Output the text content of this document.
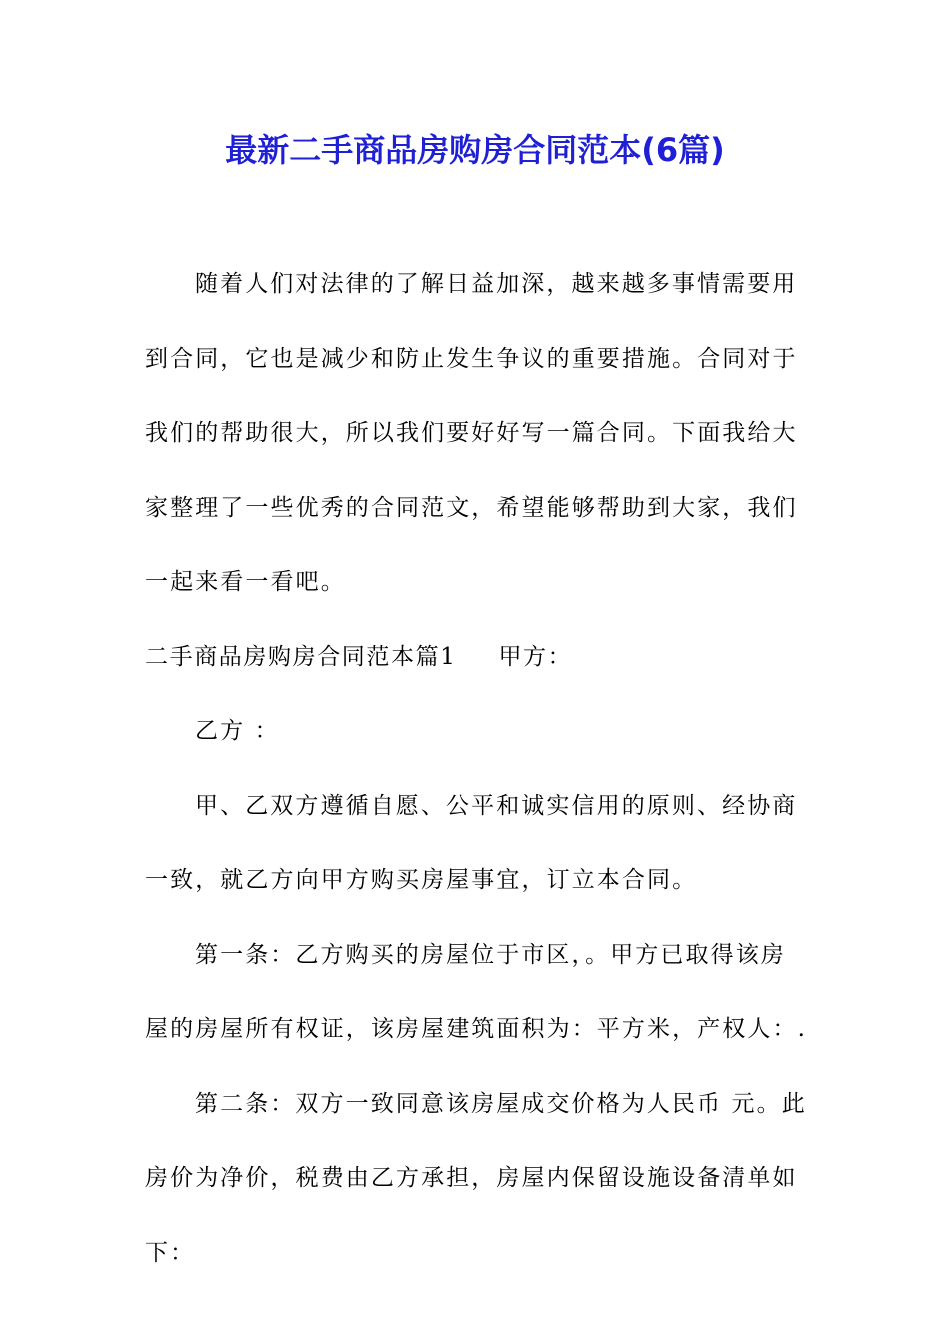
最新二手商品房购房合同范本(6篇)

随着人们对法律的了解日益加深，越来越多事情需要用到合同，它也是减少和防止发生争议的重要措施。合同对于我们的帮助很大，所以我们要好好写一篇合同。下面我给大家整理了一些优秀的合同范文，希望能够帮助到大家，我们一起来看一看吧。

二手商品房购房合同范本篇1 甲方：

乙方 ：

甲、乙双方遵循自愿、公平和诚实信用的原则、经协商一致，就乙方向甲方购买房屋事宜，订立本合同。

第一条：乙方购买的房屋位于市区，。甲方已取得该房屋的房屋所有权证，该房屋建筑面积为：平方米，产权人：.

第二条：双方一致同意该房屋成交价格为人民币 元。此房价为净价，税费由乙方承担，房屋内保留设施设备清单如下：
